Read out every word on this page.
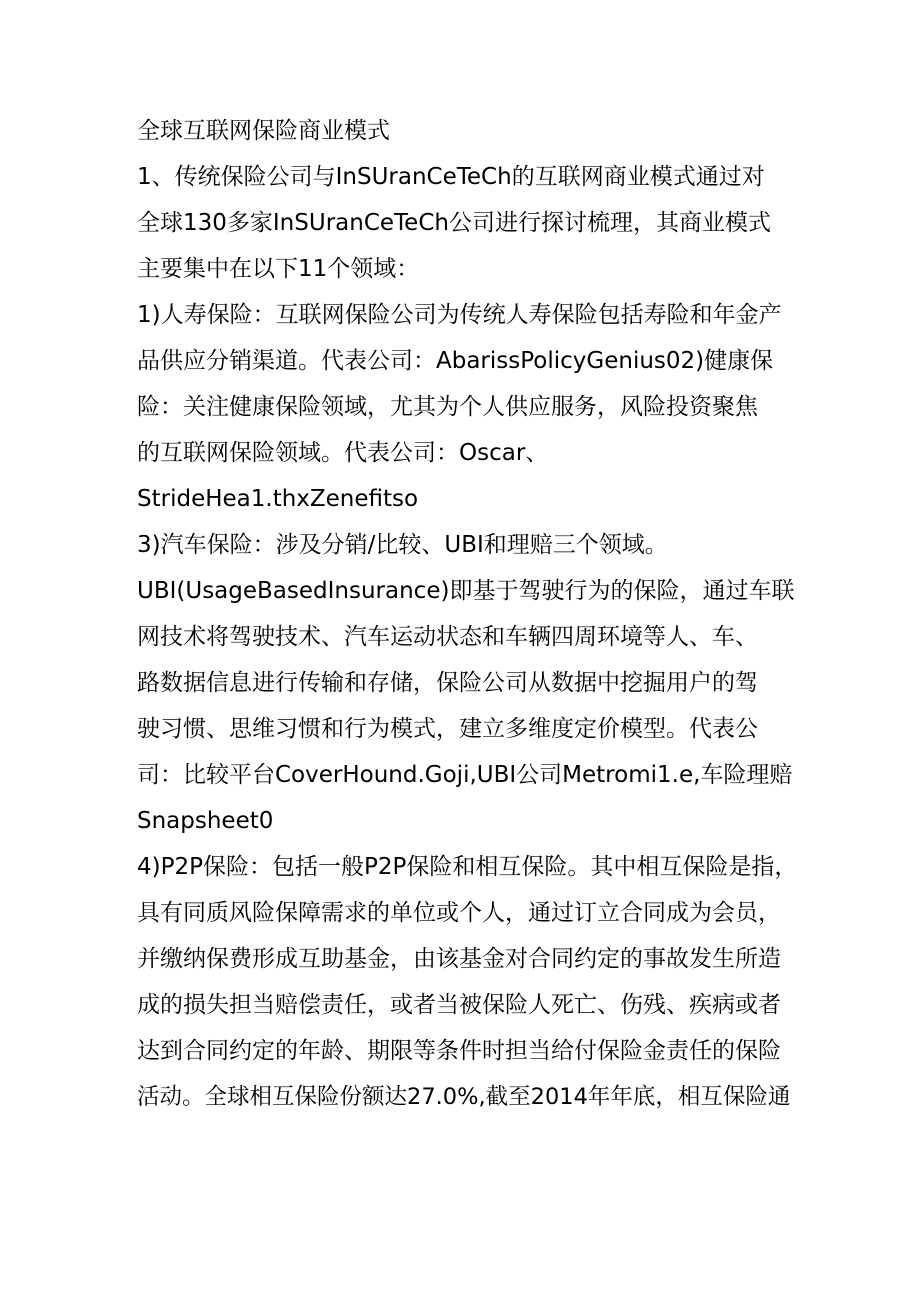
全球互联网保险商业模式
1、传统保险公司与InSUranCeTeCh的互联网商业模式通过对
全球130多家InSUranCeTeCh公司进行探讨梳理，其商业模式
主要集中在以下11个领域：
1)人寿保险：互联网保险公司为传统人寿保险包括寿险和年金产
品供应分销渠道。代表公司：AbarissPolicyGenius02)健康保
险：关注健康保险领域，尤其为个人供应服务，风险投资聚焦
的互联网保险领域。代表公司：Oscar、
StrideHea1.thxZenefitso
3)汽车保险：涉及分销/比较、UBI和理赔三个领域。
UBI(UsageBasedInsurance)即基于驾驶行为的保险，通过车联
网技术将驾驶技术、汽车运动状态和车辆四周环境等人、车、
路数据信息进行传输和存储，保险公司从数据中挖掘用户的驾
驶习惯、思维习惯和行为模式，建立多维度定价模型。代表公
司：比较平台CoverHound.Goji,UBI公司Metromi1.e,车险理赔
Snapsheet0
4)P2P保险：包括一般P2P保险和相互保险。其中相互保险是指，
具有同质风险保障需求的单位或个人，通过订立合同成为会员，
并缴纳保费形成互助基金，由该基金对合同约定的事故发生所造
成的损失担当赔偿责任，或者当被保险人死亡、伤残、疾病或者
达到合同约定的年龄、期限等条件时担当给付保险金责任的保险
活动。全球相互保险份额达27.0%,截至2014年年底，相互保险通
